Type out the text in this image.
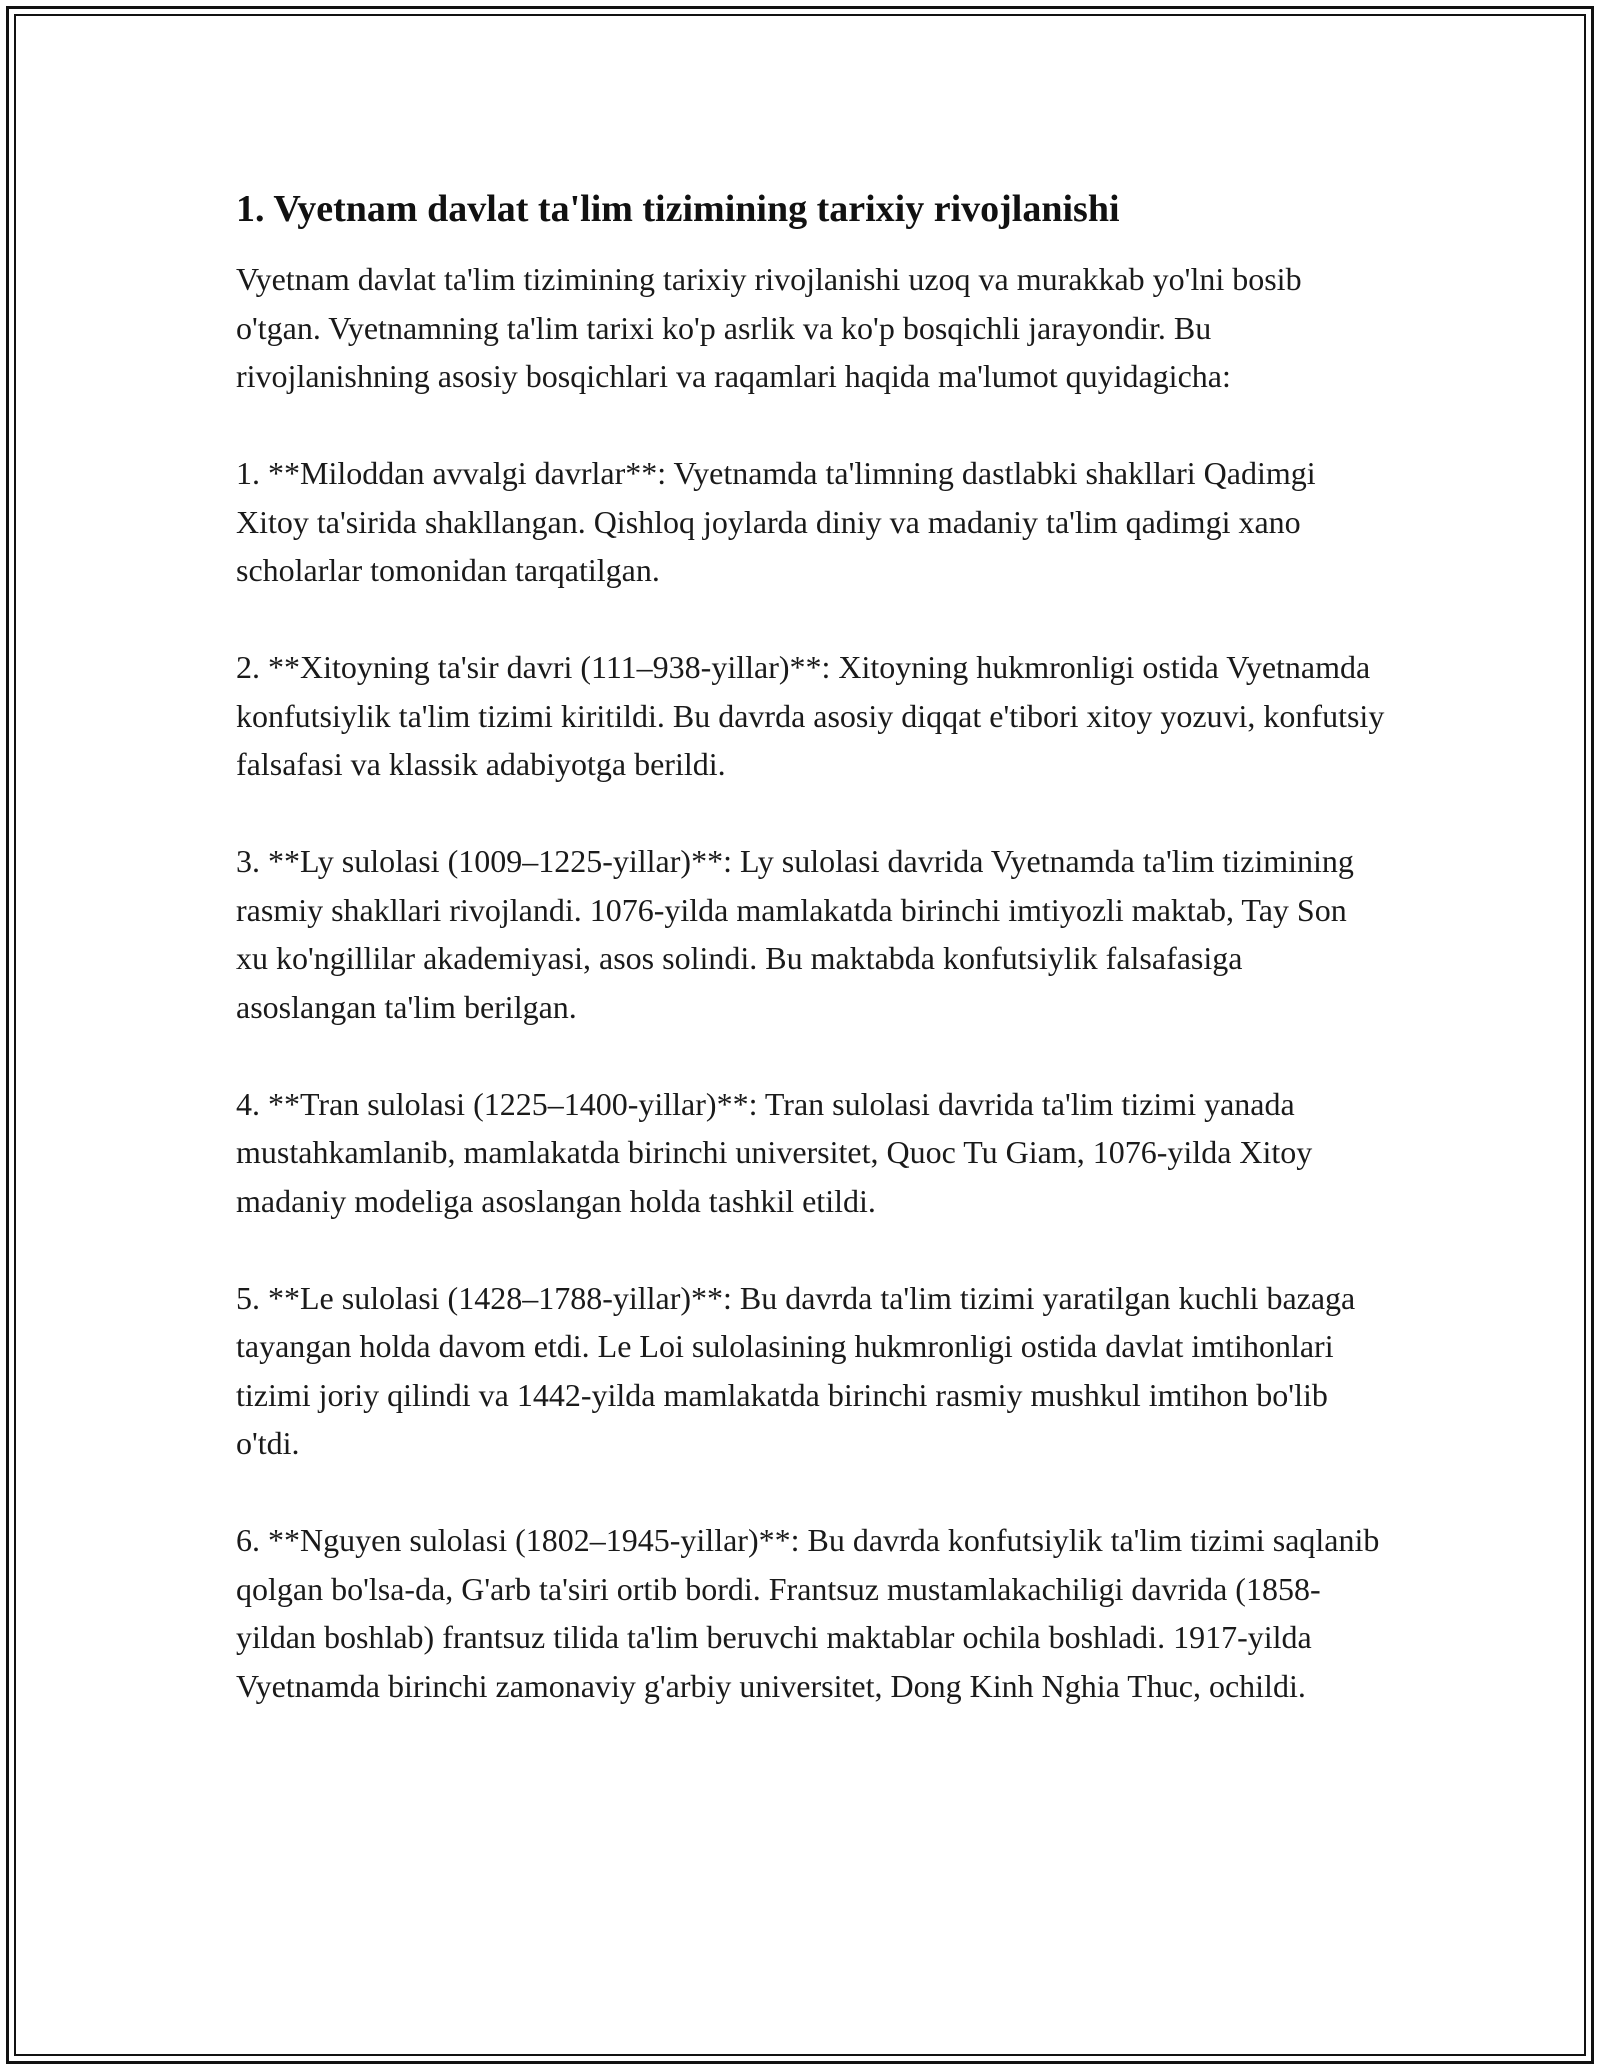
1. Vyetnam davlat ta'lim tizimining tarixiy rivojlanishi

Vyetnam davlat ta'lim tizimining tarixiy rivojlanishi uzoq va murakkab yo'lni bosib o'tgan. Vyetnamning ta'lim tarixi ko'p asrlik va ko'p bosqichli jarayondir. Bu rivojlanishning asosiy bosqichlari va raqamlari haqida ma'lumot quyidagicha:

1. **Miloddan avvalgi davrlar**: Vyetnamda ta'limning dastlabki shakllari Qadimgi Xitoy ta'sirida shakllangan. Qishloq joylarda diniy va madaniy ta'lim qadimgi xano scholarlar tomonidan tarqatilgan.

2. **Xitoyning ta'sir davri (111–938-yillar)**: Xitoyning hukmronligi ostida Vyetnamda konfutsiylik ta'lim tizimi kiritildi. Bu davrda asosiy diqqat e'tibori xitoy yozuvi, konfutsiy falsafasi va klassik adabiyotga berildi.

3. **Ly sulolasi (1009–1225-yillar)**: Ly sulolasi davrida Vyetnamda ta'lim tizimining rasmiy shakllari rivojlandi. 1076-yilda mamlakatda birinchi imtiyozli maktab, Tay Son xu ko'ngillilar akademiyasi, asos solindi. Bu maktabda konfutsiylik falsafasiga asoslangan ta'lim berilgan.

4. **Tran sulolasi (1225–1400-yillar)**: Tran sulolasi davrida ta'lim tizimi yanada mustahkamlanib, mamlakatda birinchi universitet, Quoc Tu Giam, 1076-yilda Xitoy madaniy modeliga asoslangan holda tashkil etildi.

5. **Le sulolasi (1428–1788-yillar)**: Bu davrda ta'lim tizimi yaratilgan kuchli bazaga tayangan holda davom etdi. Le Loi sulolasining hukmronligi ostida davlat imtihonlari tizimi joriy qilindi va 1442-yilda mamlakatda birinchi rasmiy mushkul imtihon bo'lib o'tdi.

6. **Nguyen sulolasi (1802–1945-yillar)**: Bu davrda konfutsiylik ta'lim tizimi saqlanib qolgan bo'lsa-da, G'arb ta'siri ortib bordi. Frantsuz mustamlakachiligi davrida (1858-yildan boshlab) frantsuz tilida ta'lim beruvchi maktablar ochila boshladi. 1917-yilda Vyetnamda birinchi zamonaviy g'arbiy universitet, Dong Kinh Nghia Thuc, ochildi.
